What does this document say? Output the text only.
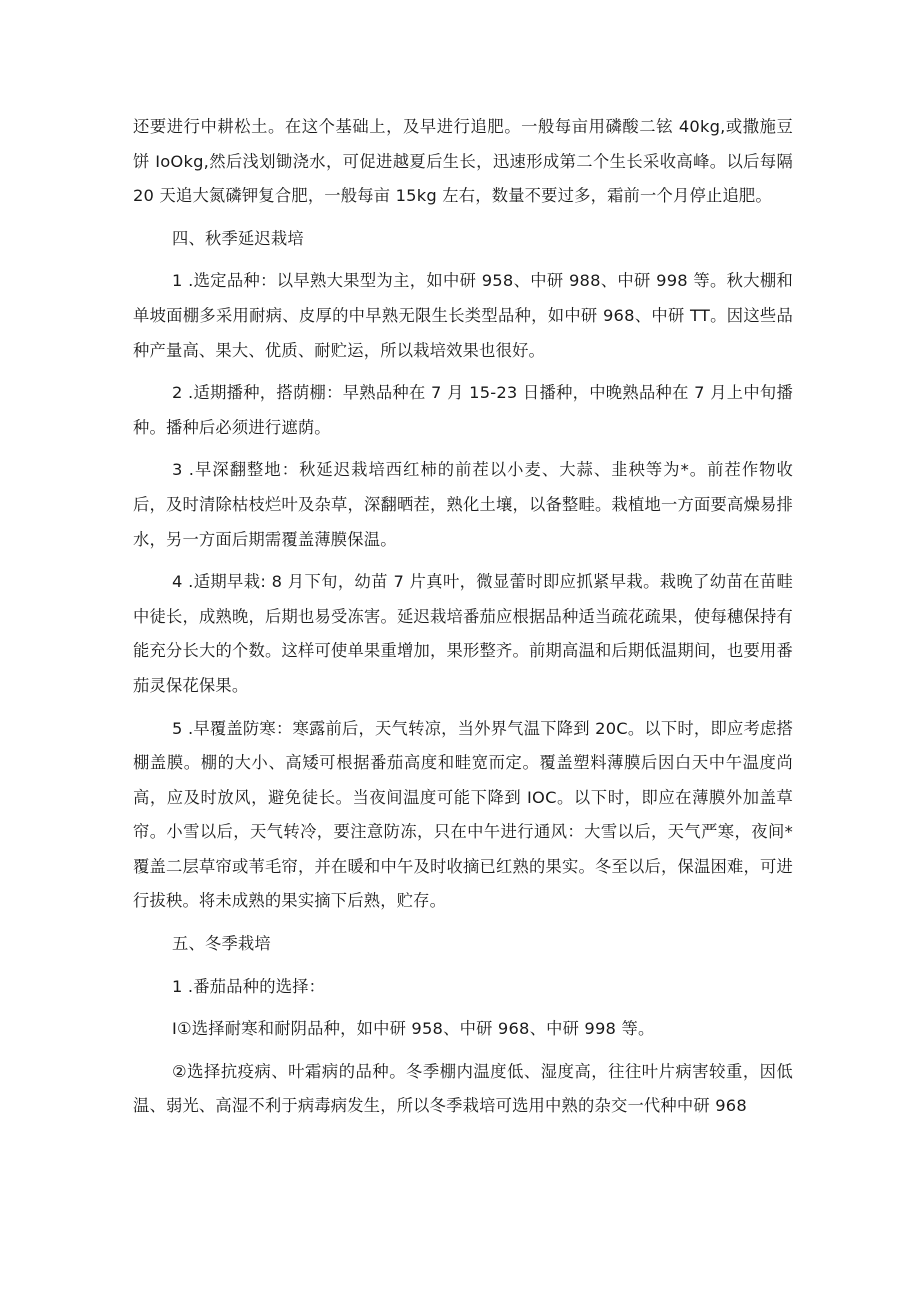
还要进行中耕松土。在这个基础上，及早进行追肥。一般每亩用磷酸二铉 40kg,或撒施豆饼 IoOkg,然后浅划锄浇水，可促进越夏后生长，迅速形成第二个生长采收高峰。以后每隔 20 天追大氮磷钾复合肥，一般每亩 15kg 左右，数量不要过多，霜前一个月停止追肥。

四、秋季延迟栽培

1 .选定品种：以早熟大果型为主，如中研 958、中研 988、中研 998 等。秋大棚和单坡面棚多采用耐病、皮厚的中早熟无限生长类型品种，如中研 968、中研 TT。因这些品种产量高、果大、优质、耐贮运，所以栽培效果也很好。

2 .适期播种，搭荫棚：早熟品种在 7 月 15-23 日播种，中晚熟品种在 7 月上中旬播种。播种后必须进行遮荫。

3 .早深翻整地：秋延迟栽培西红柿的前茬以小麦、大蒜、韭秧等为*。前茬作物收后，及时清除枯枝烂叶及杂草，深翻晒茬，熟化土壤，以备整畦。栽植地一方面要高燥易排水，另一方面后期需覆盖薄膜保温。

4 .适期早栽: 8 月下旬，幼苗 7 片真叶，微显蕾时即应抓紧早栽。栽晚了幼苗在苗畦中徒长，成熟晚，后期也易受冻害。延迟栽培番茄应根据品种适当疏花疏果，使每穗保持有能充分长大的个数。这样可使单果重增加，果形整齐。前期高温和后期低温期间，也要用番茄灵保花保果。

5 .早覆盖防寒：寒露前后，天气转凉，当外界气温下降到 20C。以下时，即应考虑搭棚盖膜。棚的大小、高矮可根据番茄高度和畦宽而定。覆盖塑料薄膜后因白天中午温度尚高，应及时放风，避免徒长。当夜间温度可能下降到 IOC。以下时，即应在薄膜外加盖草帘。小雪以后，天气转冷，要注意防冻，只在中午进行通风：大雪以后，天气严寒，夜间*覆盖二层草帘或苇毛帘，并在暖和中午及时收摘已红熟的果实。冬至以后，保温困难，可进行拔秧。将未成熟的果实摘下后熟，贮存。

五、冬季栽培

1 .番茄品种的选择：

I①选择耐寒和耐阴品种，如中研 958、中研 968、中研 998 等。

②选择抗疫病、叶霜病的品种。冬季棚内温度低、湿度高，往往叶片病害较重，因低温、弱光、高湿不利于病毒病发生，所以冬季栽培可选用中熟的杂交一代种中研 968
